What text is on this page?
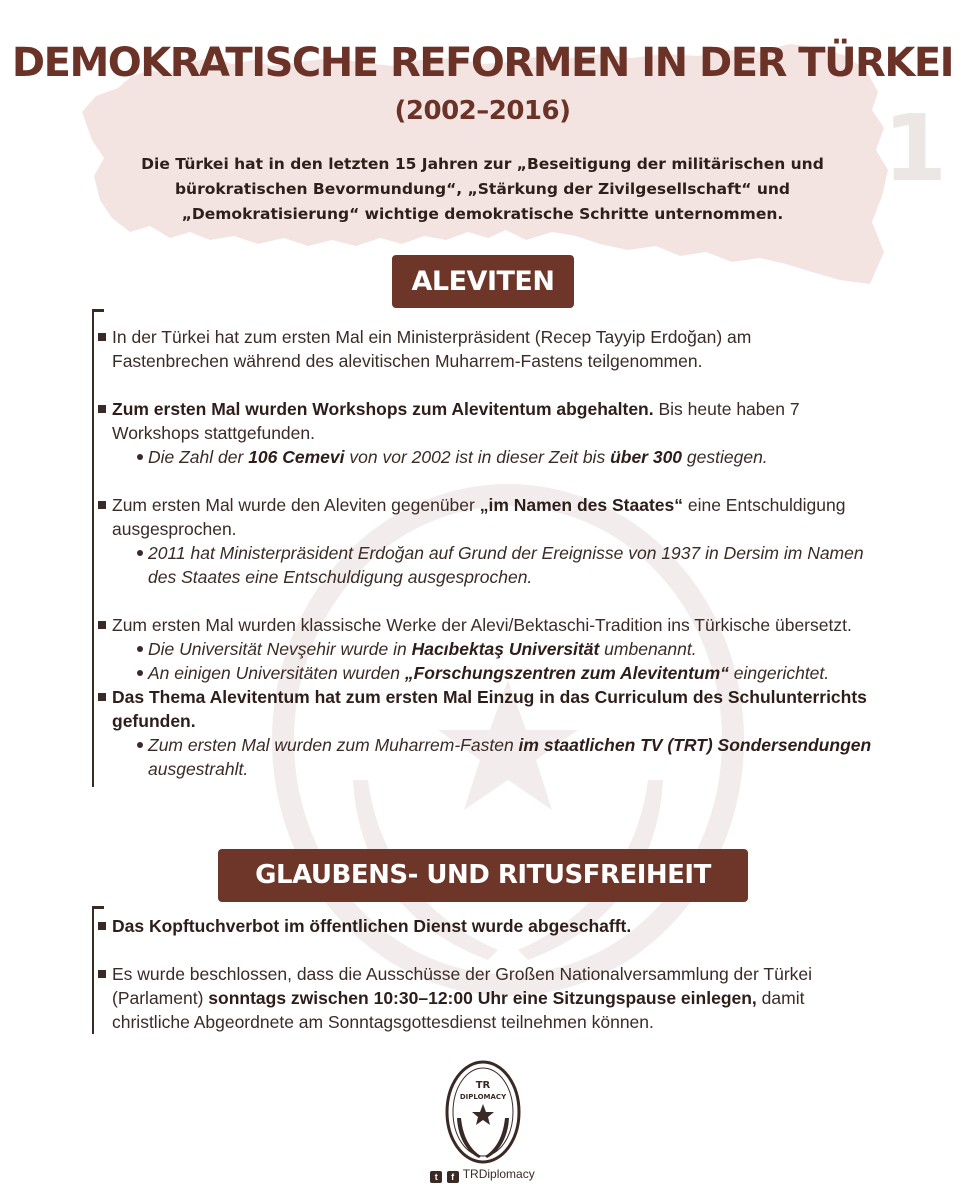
1
DEMOKRATISCHE REFORMEN IN DER TÜRKEI
(2002–2016)

Die Türkei hat in den letzten 15 Jahren zur „Beseitigung der militärischen und bürokratischen Bevormundung“, „Stärkung der Zivilgesellschaft“ und „Demokratisierung“ wichtige demokratische Schritte unternommen.

ALEVITEN
In der Türkei hat zum ersten Mal ein Ministerpräsident (Recep Tayyip Erdoğan) am Fastenbrechen während des alevitischen Muharrem-Fastens teilgenommen.
Zum ersten Mal wurden Workshops zum Alevitentum abgehalten. Bis heute haben 7 Workshops stattgefunden.
Die Zahl der 106 Cemevi von vor 2002 ist in dieser Zeit bis über 300 gestiegen.
Zum ersten Mal wurde den Aleviten gegenüber „im Namen des Staates“ eine Entschuldigung ausgesprochen.
2011 hat Ministerpräsident Erdoğan auf Grund der Ereignisse von 1937 in Dersim im Namen des Staates eine Entschuldigung ausgesprochen.
Zum ersten Mal wurden klassische Werke der Alevi/Bektaschi-Tradition ins Türkische übersetzt.
Die Universität Nevşehir wurde in Hacıbektaş Universität umbenannt.
An einigen Universitäten wurden „Forschungszentren zum Alevitentum“ eingerichtet.
Das Thema Alevitentum hat zum ersten Mal Einzug in das Curriculum des Schulunterrichts gefunden.
Zum ersten Mal wurden zum Muharrem-Fasten im staatlichen TV (TRT) Sondersendungen ausgestrahlt.
GLAUBENS- UND RITUSFREIHEIT
Das Kopftuchverbot im öffentlichen Dienst wurde abgeschafft.
Es wurde beschlossen, dass die Ausschüsse der Großen Nationalversammlung der Türkei (Parlament) sonntags zwischen 10:30–12:00 Uhr eine Sitzungspause einlegen, damit christliche Abgeordnete am Sonntagsgottesdienst teilnehmen können.
TR
DIPLOMACY
t f TRDiplomacy
